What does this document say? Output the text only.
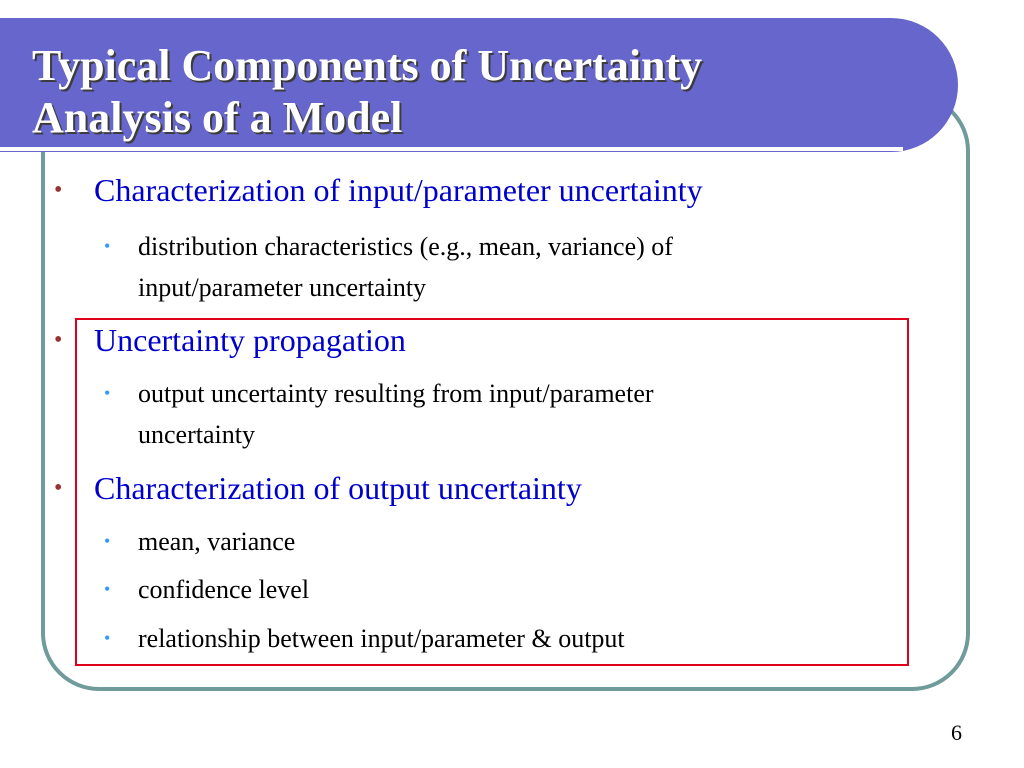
Typical Components of Uncertainty
Analysis of a Model
• Characterization of input/parameter uncertainty
•	distribution characteristics (e.g., mean, variance) of
input/parameter uncertainty
• Uncertainty propagation
•	output uncertainty resulting from input/parameter
uncertainty
• Characterization of output uncertainty
•	mean, variance
•	confidence level
•	relationship between input/parameter & output
6
